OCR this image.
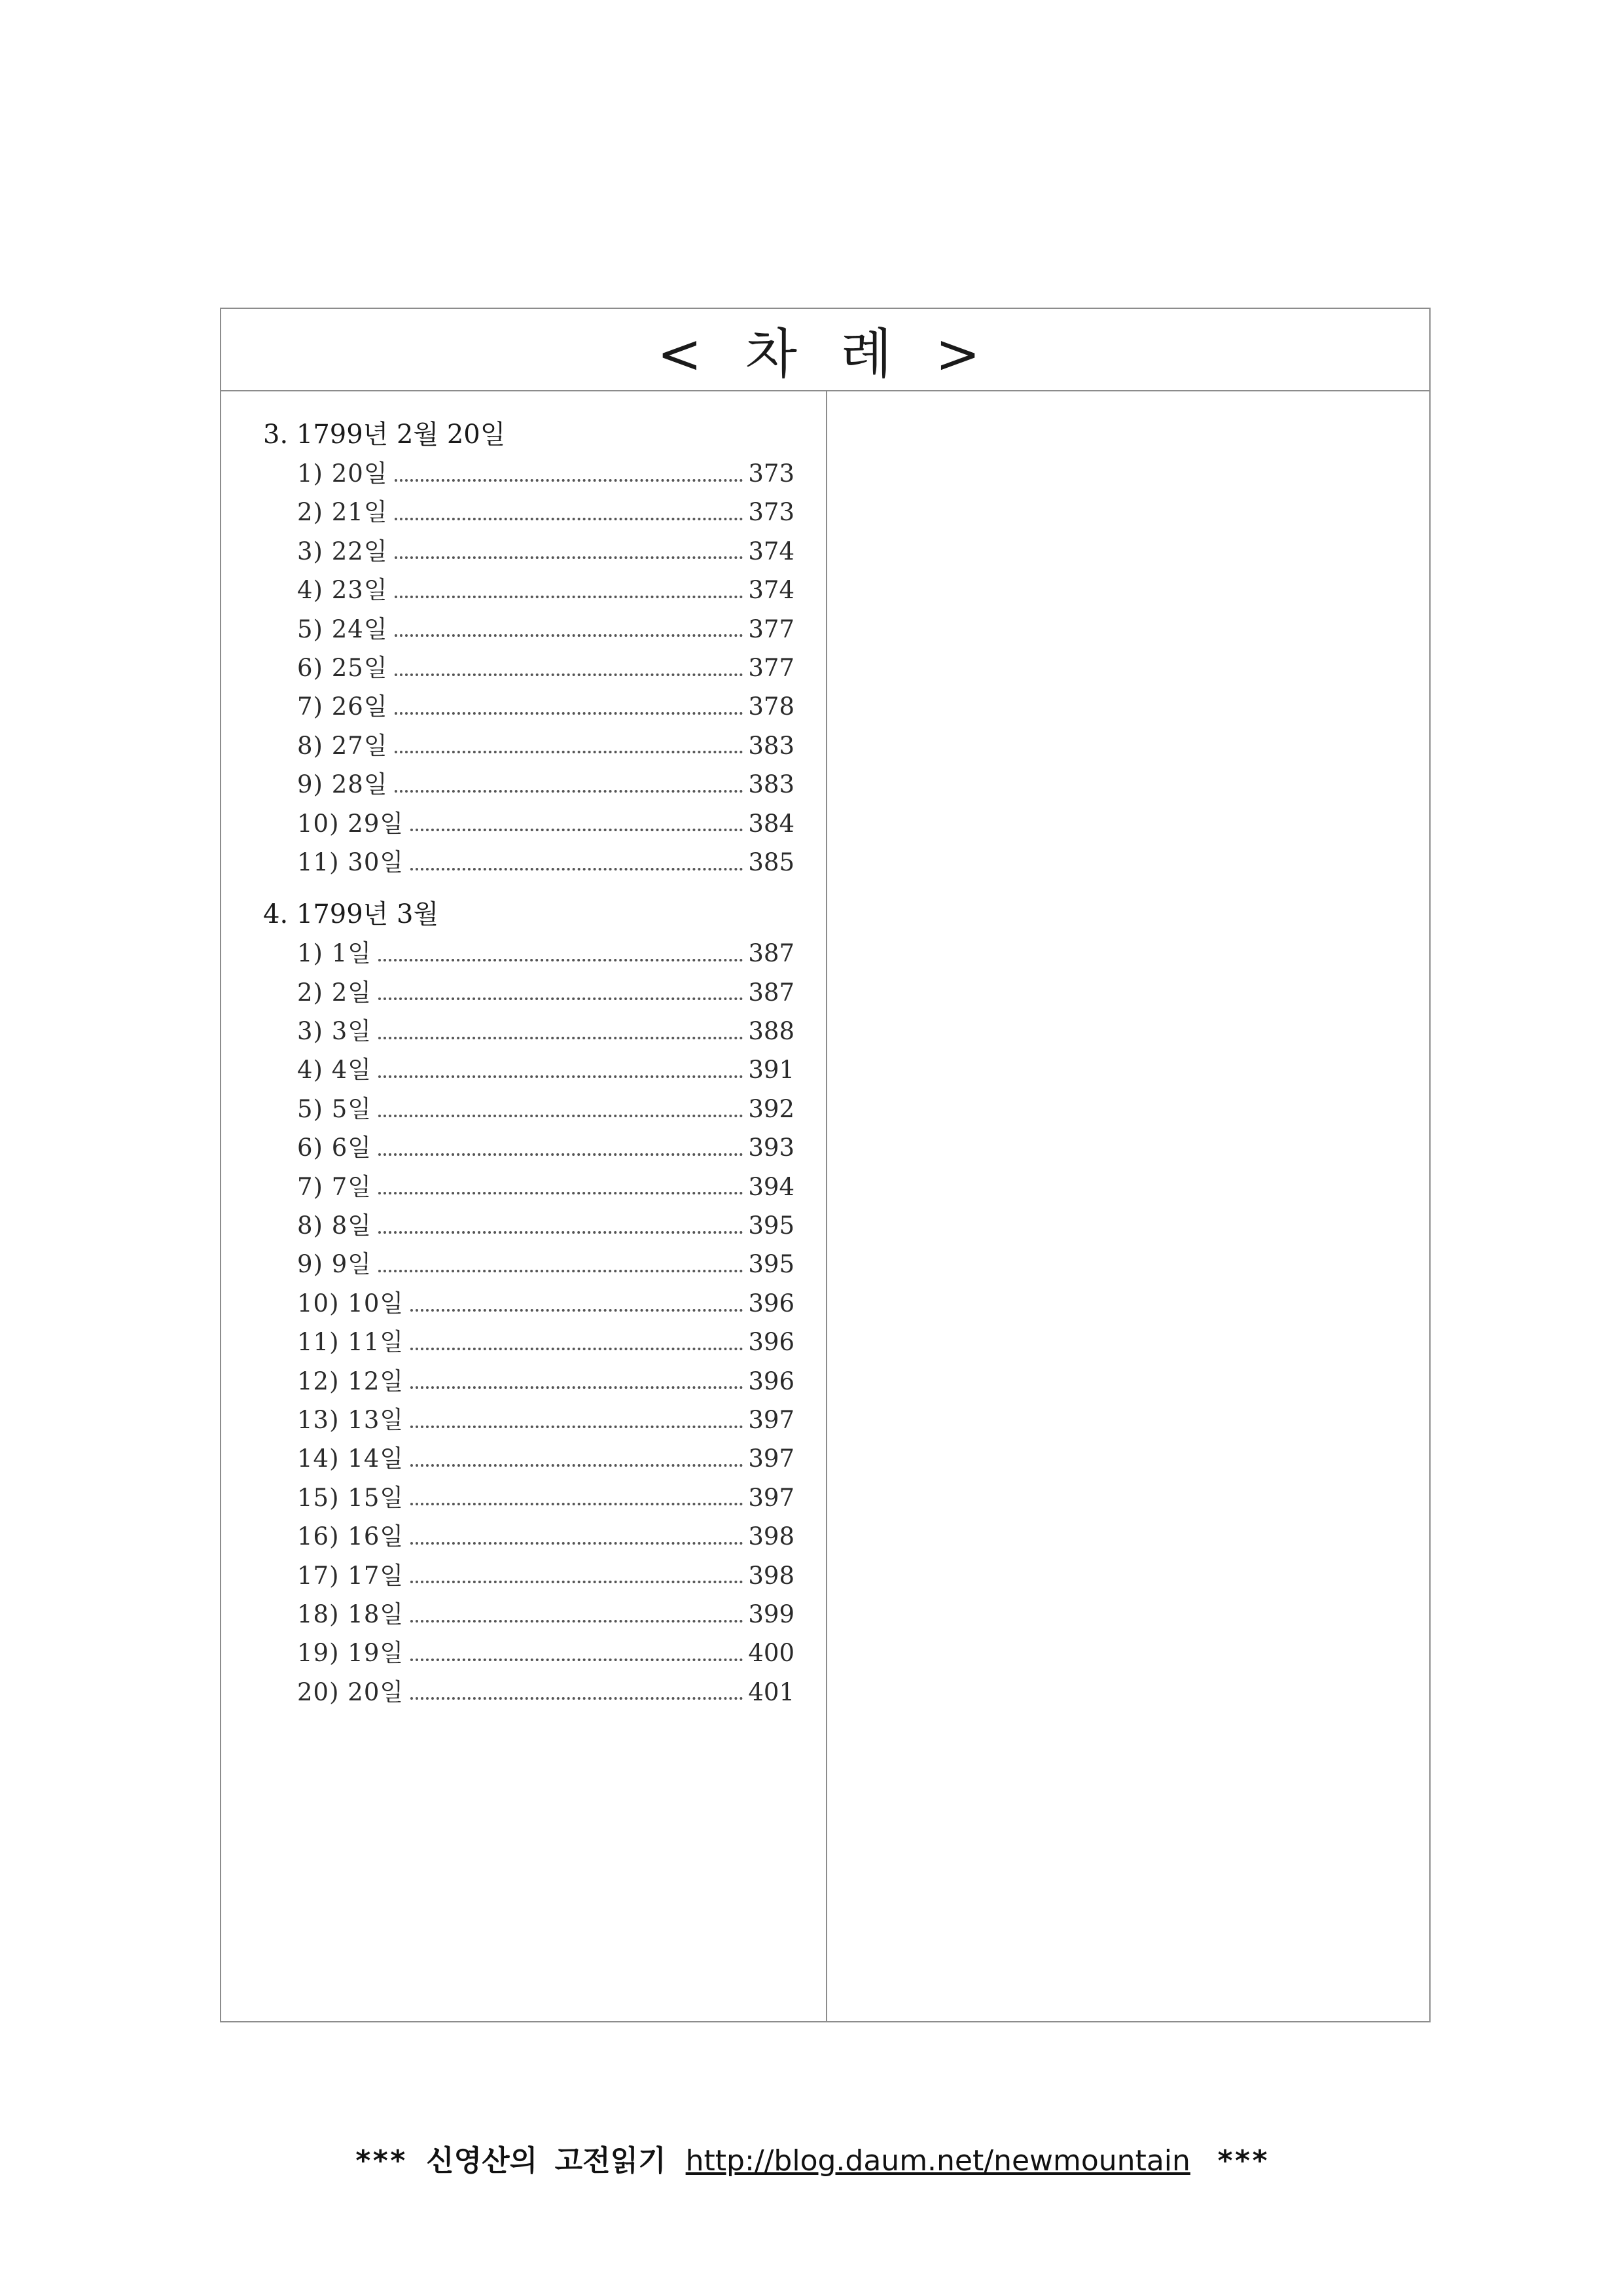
< 차 례 >
3. 1799년 2월 20일
1) 20일	373
2) 21일	373
3) 22일	374
4) 23일	374
5) 24일	377
6) 25일	377
7) 26일	378
8) 27일	383
9) 28일	383
10) 29일	384
11) 30일	385
4. 1799년 3월
1) 1일	387
2) 2일	387
3) 3일	388
4) 4일	391
5) 5일	392
6) 6일	393
7) 7일	394
8) 8일	395
9) 9일	395
10) 10일	396
11) 11일	396
12) 12일	396
13) 13일	397
14) 14일	397
15) 15일	397
16) 16일	398
17) 17일	398
18) 18일	399
19) 19일	400
20) 20일	401
*** 신영산의 고전읽기 http://blog.daum.net/newmountain ***
